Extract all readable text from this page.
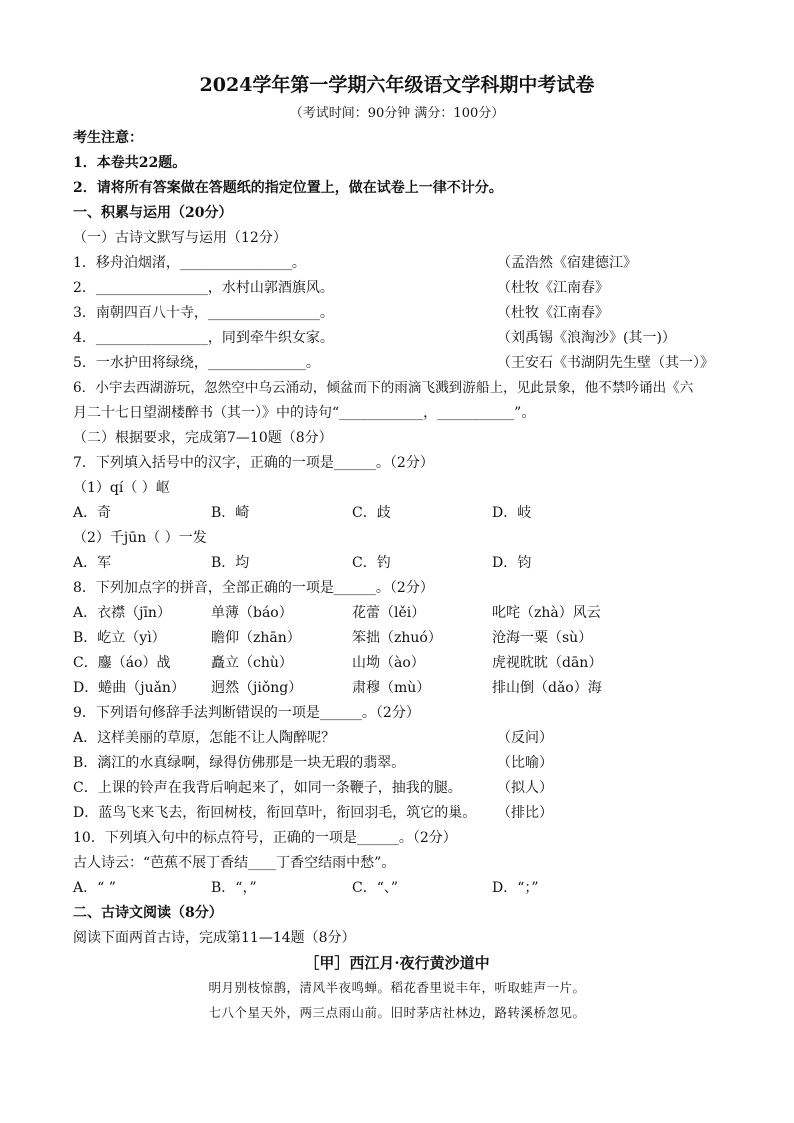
2024学年第一学期六年级语文学科期中考试卷
（考试时间：90分钟 满分：100分）
考生注意：
1．本卷共22题。
2．请将所有答案做在答题纸的指定位置上，做在试卷上一律不计分。
一、积累与运用（20分）
（一）古诗文默写与运用（12分）
1．移舟泊烟渚，________________。	（孟浩然《宿建德江》
2．________________，水村山郭酒旗风。	（杜牧《江南春》
3．南朝四百八十寺，________________。	（杜牧《江南春》
4．________________，同到牵牛织女家。	（刘禹锡《浪淘沙》(其一)）
5．一水护田将绿绕，______________。	（王安石《书湖阴先生壁（其一）》
6．小宇去西湖游玩，忽然空中乌云涌动，倾盆而下的雨滴飞溅到游船上，见此景象，他不禁吟诵出《六
月二十七日望湖楼醉书（其一）》中的诗句“____________，___________”。
（二）根据要求，完成第7—10题（8分）
7．下列填入括号中的汉字，正确的一项是______。（2分）
（1）qí（ ）岖
A．奇	B．崎	C．歧	D．岐
（2）千jūn（ ）一发
A．军	B．均	C．钓	D．钧
8．下列加点字的拼音，全部正确的一项是______。（2分）
A．衣襟（jīn）	单薄（báo）	花蕾（lěi）	叱咤（zhà）风云
B．屹立（yì）	瞻仰（zhān）	笨拙（zhuó）	沧海一粟（sù）
C．鏖（áo）战	矗立（chù）	山坳（ào）	虎视眈眈（dān）
D．蜷曲（juǎn） 迥然（jiǒng）	肃穆（mù）	排山倒（dǎo）海
9．下列语句修辞手法判断错误的一项是______。（2分）
A．这样美丽的草原，怎能不让人陶醉呢？	（反问）
B．漓江的水真绿啊，绿得仿佛那是一块无瑕的翡翠。	（比喻）
C．上课的铃声在我背后响起来了，如同一条鞭子，抽我的腿。	（拟人）
D．蓝鸟飞来飞去，衔回树枝，衔回草叶，衔回羽毛，筑它的巢。 （排比）
10．下列填入句中的标点符号，正确的一项是______。（2分）
古人诗云：“芭蕉不展丁香结____丁香空结雨中愁”。
A．“ ”	B．“，”	C．“、”	D．“；”
二、古诗文阅读（8分）
阅读下面两首古诗，完成第11—14题（8分）
［甲］西江月·夜行黄沙道中
明月别枝惊鹊，清风半夜鸣蝉。稻花香里说丰年，听取蛙声一片。
七八个星天外，两三点雨山前。旧时茅店社林边，路转溪桥忽见。
